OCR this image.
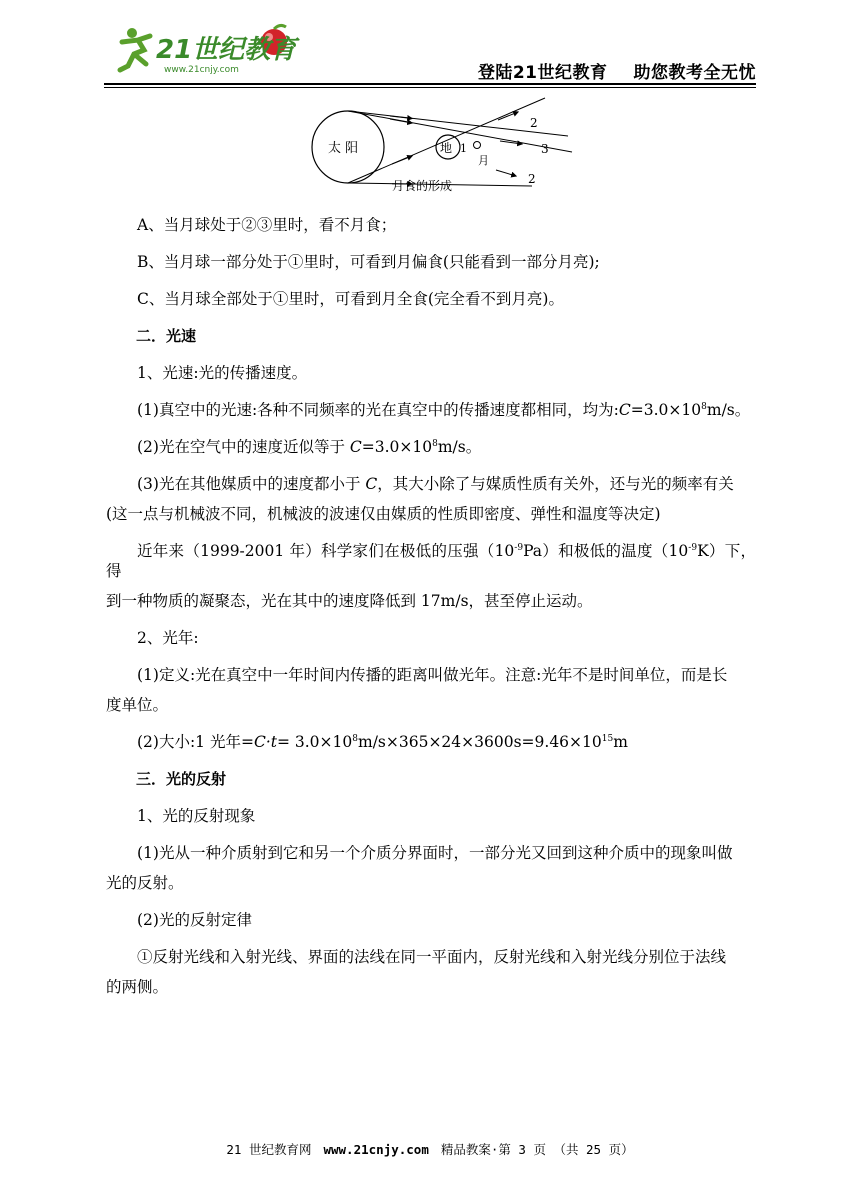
21世纪教育
www.21cnjy.com	登陆21世纪教育 助您教考全无忧
太 阳	地
月
1
2
3
2
月食的形成

A、当月球处于②③里时，看不月食；

B、当月球一部分处于①里时，可看到月偏食(只能看到一部分月亮);

C、当月球全部处于①里时，可看到月全食(完全看不到月亮)。

二．光速

1、光速:光的传播速度。

(1)真空中的光速:各种不同频率的光在真空中的传播速度都相同，均为$:C=3.0\times 10^8m/s$。

(2)光在空气中的速度近似等于 $C=3.0\times 10^8m/s$。

(3)光在其他媒质中的速度都小于 C，其大小除了与媒质性质有关外，还与光的频率有关
(这一点与机械波不同，机械波的波速仅由媒质的性质即密度、弹性和温度等决定)

近年来（1999-2001 年）科学家们在极低的压强$(10^{-9}Pa)$和极低的温度$(10^{-9}K)$下，得
到一种物质的凝聚态，光在其中的速度降低到 17m/s，甚至停止运动。

2、光年:

(1)定义:光在真空中一年时间内传播的距离叫做光年。注意:光年不是时间单位，而是长
度单位。

(2)大小:1 光年$=C\cdot t= 3.0\times 10^8m/s\times 365\times 24\times 3600s=9.46\times 10^{15}m$

三．光的反射

1、光的反射现象

(1)光从一种介质射到它和另一个介质分界面时，一部分光又回到这种介质中的现象叫做
光的反射。

(2)光的反射定律

①反射光线和入射光线、界面的法线在同一平面内，反射光线和入射光线分别位于法线
的两侧。

21 世纪教育网 www.21cnjy.com 精品教案·第 3 页 （共 25 页）
